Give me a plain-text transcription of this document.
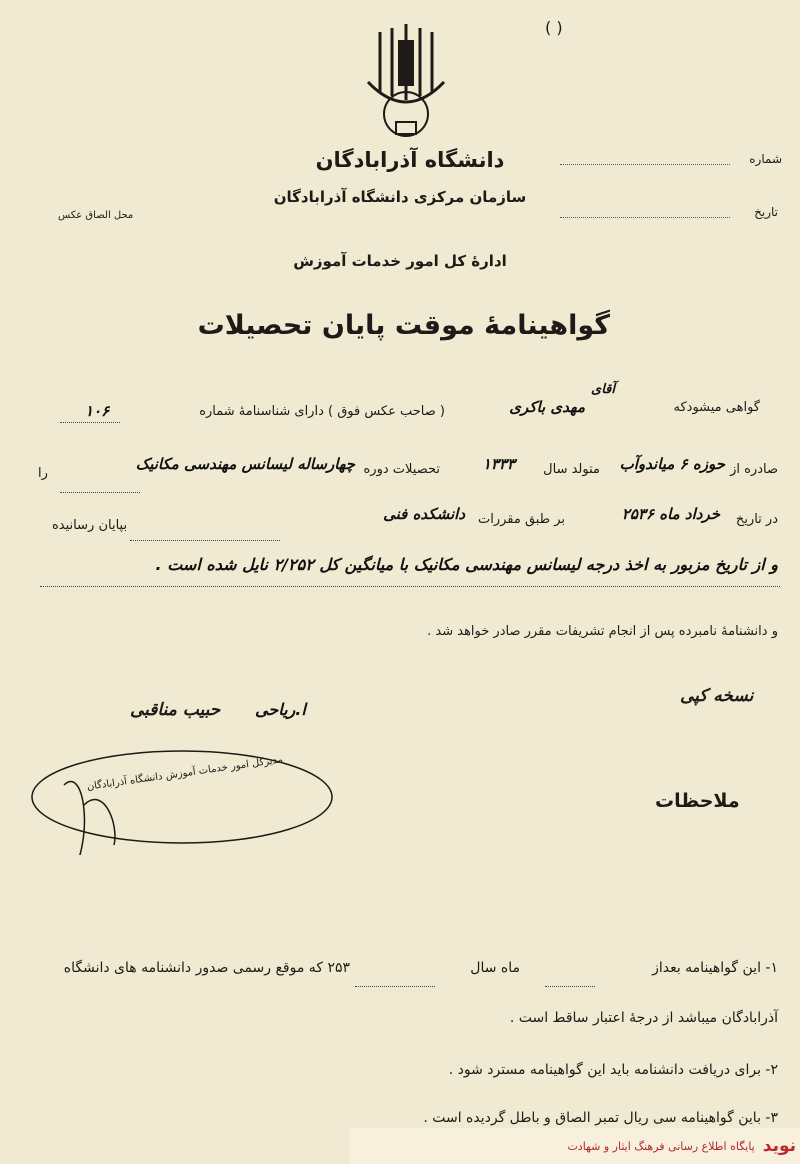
( )
دانشگاه آذرابادگان
سازمان مرکزی دانشگاه آذرابادگان
ادارهٔ کل امور خدمات آموزش
شماره
تاریخ
محل الصاق عکس
گواهینامهٔ موقت پایان تحصیلات
گواهی میشودکه
آقای
مهدی باکری
( صاحب عکس فوق ) دارای شناسنامهٔ شماره
۱۰۶
صادره از
حوزه ۶ میاندوآب
متولد سال
۱۳۳۳
تحصیلات دوره
چهارساله لیسانس مهندسی مکانیک
را
در تاریخ
خرداد ماه ۲۵۳۶
بر طبق مقررات
دانشکده فنی
بپایان رسانیده
و از تاریخ مزبور به اخذ درجه لیسانس مهندسی مکانیک با میانگین کل ۲/۲۵۲ نایل شده است .
و دانشنامهٔ نامبرده پس از انجام تشریفات مقرر صادر خواهد شد .
نسخه کپی
حبیب مناقبی ا.ریاحی
مدیرکل امور خدمات آموزش دانشگاه آذرابادگان
ملاحظات
۱- این گواهینامه بعداز
ماه سال
۲۵۳ که موقع رسمی صدور دانشنامه های دانشگاه
آذرابادگان میباشد از درجهٔ اعتبار ساقط است .
۲- برای دریافت دانشنامه باید این گواهینامه مسترد شود .
۳- باین گواهینامه سی ریال تمبر الصاق و باطل گردیده است .
نوید
پایگاه اطلاع رسانی فرهنگ ایثار و شهادت
